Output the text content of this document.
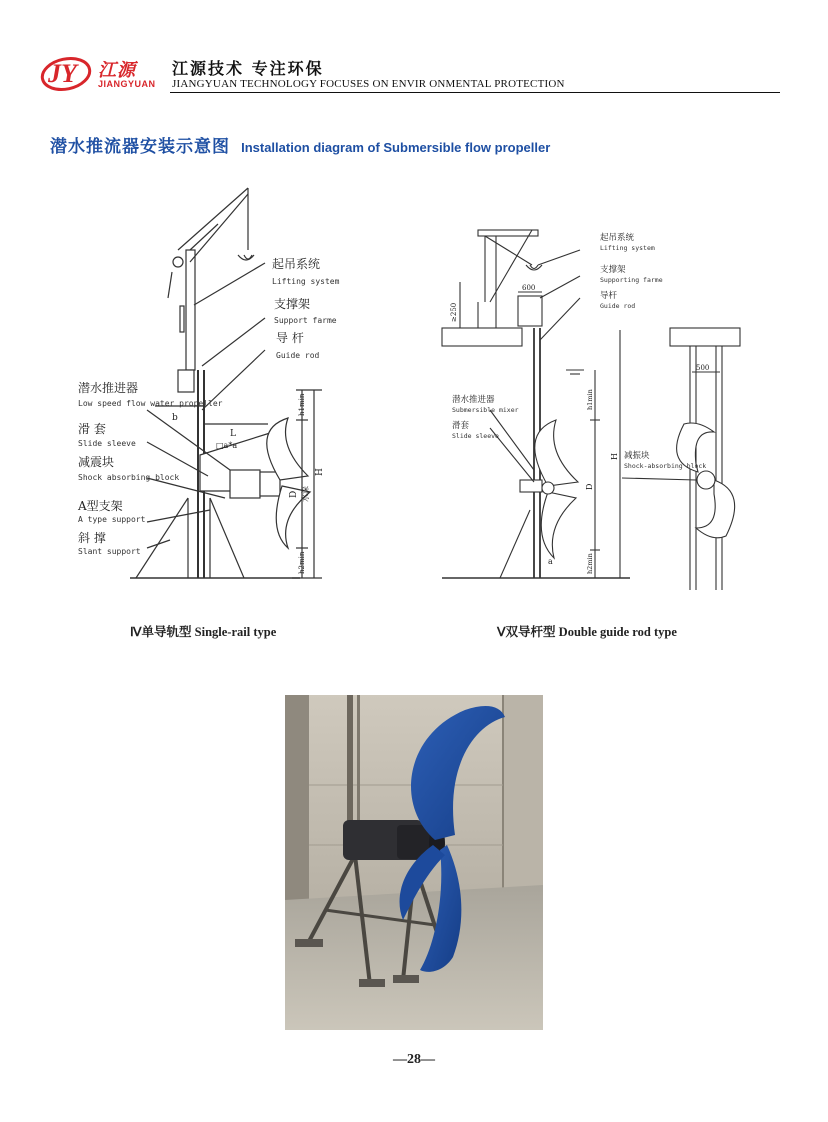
JY 江源
JIANGYUAN
江源技术 专注环保
JIANGYUAN TECHNOLOGY FOCUSES ON ENVIR ONMENTAL PROTECTION
潜水推流器安装示意图 Installation diagram of Submersible flow propeller
起吊系统
Lifting system
支撑架
Support farme
导 杆
Guide rod
潜水推进器
Low speed flow water propeller
滑 套
Slide sleeve
减震块
Shock absorbing block
A型支架
A type support
斜 撑
Slant support
b
L
□a*a
h1min
D 水深
H
h2min
Ⅳ单导轨型 Single-rail type
起吊系统
Lifting system
支撑架
Supporting farme
导杆
Guide rod
潜水推进器
Submersible mixer
滑套
Slide sleeve
减振块
Shock-absorbing block
≥250
600
500
h1min
H
D
a	h2min
Ⅴ双导杆型 Double guide rod type
—28—
